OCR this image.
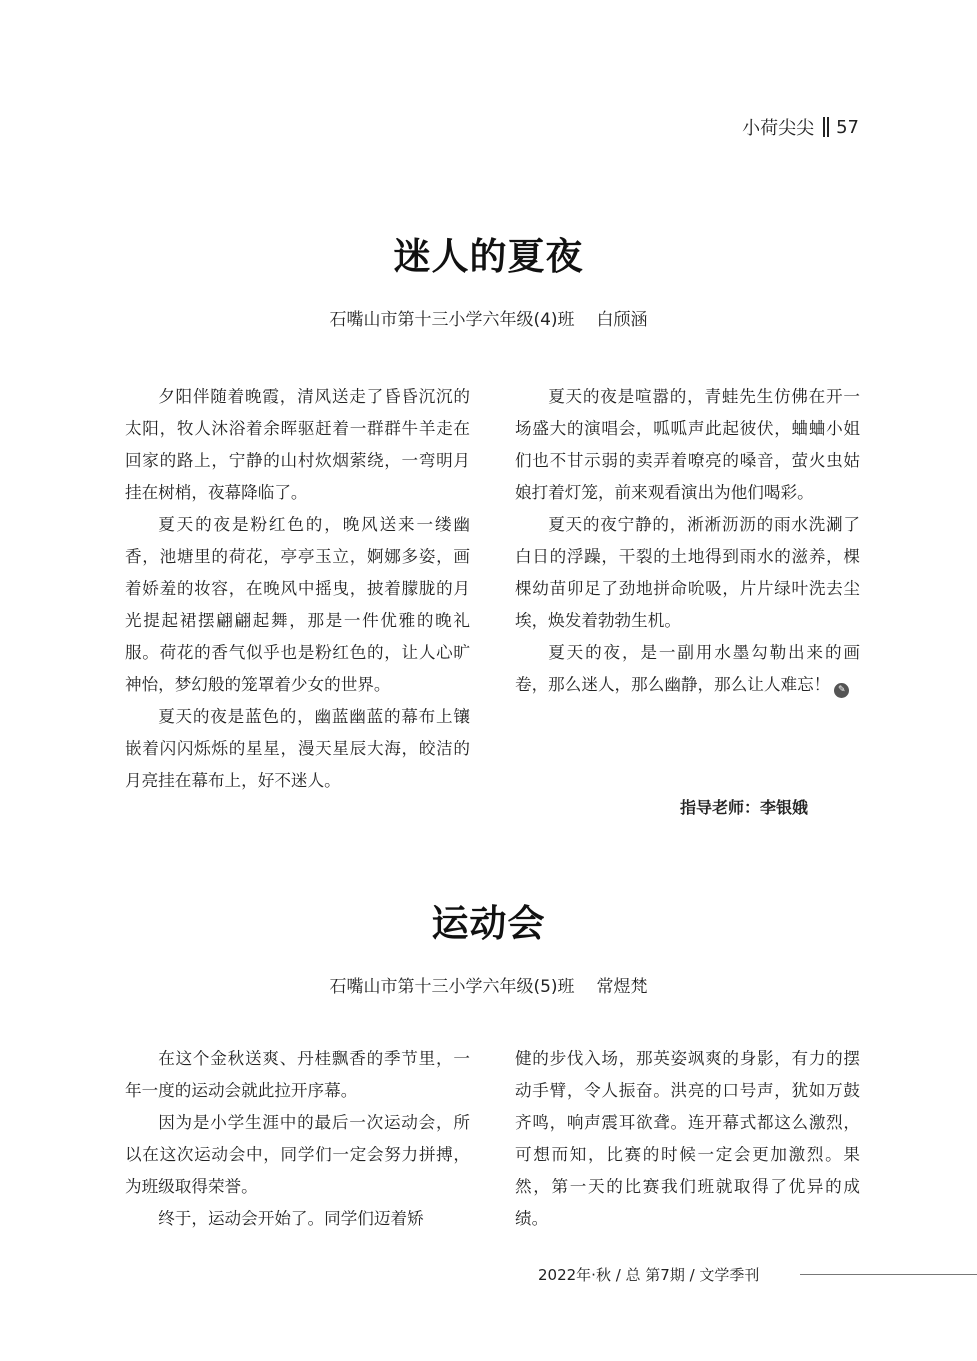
小荷尖尖 57
迷人的夏夜
石嘴山市第十三小学六年级(4)班 白颀涵

夕阳伴随着晚霞，清风送走了昏昏沉沉的太阳，牧人沐浴着余晖驱赶着一群群牛羊走在回家的路上，宁静的山村炊烟萦绕，一弯明月挂在树梢，夜幕降临了。

夏天的夜是粉红色的，晚风送来一缕幽香，池塘里的荷花，亭亭玉立，婀娜多姿，画着娇羞的妆容，在晚风中摇曳，披着朦胧的月光提起裙摆翩翩起舞，那是一件优雅的晚礼服。荷花的香气似乎也是粉红色的，让人心旷神怡，梦幻般的笼罩着少女的世界。

夏天的夜是蓝色的，幽蓝幽蓝的幕布上镶嵌着闪闪烁烁的星星，漫天星辰大海，皎洁的月亮挂在幕布上，好不迷人。

夏天的夜是喧嚣的，青蛙先生仿佛在开一场盛大的演唱会，呱呱声此起彼伏，蛐蛐小姐们也不甘示弱的卖弄着嘹亮的嗓音，萤火虫姑娘打着灯笼，前来观看演出为他们喝彩。

夏天的夜宁静的，淅淅沥沥的雨水洗涮了白日的浮躁，干裂的土地得到雨水的滋养，棵棵幼苗卯足了劲地拼命吮吸，片片绿叶洗去尘埃，焕发着勃勃生机。

夏天的夜，是一副用水墨勾勒出来的画卷，那么迷人，那么幽静，那么让人难忘！ ✎

指导老师：李银娥
运动会
石嘴山市第十三小学六年级(5)班 常煜梵

在这个金秋送爽、丹桂飘香的季节里，一年一度的运动会就此拉开序幕。

因为是小学生涯中的最后一次运动会，所以在这次运动会中，同学们一定会努力拼搏，为班级取得荣誉。

终于，运动会开始了。同学们迈着矫

健的步伐入场，那英姿飒爽的身影，有力的摆动手臂，令人振奋。洪亮的口号声，犹如万鼓齐鸣，响声震耳欲聋。连开幕式都这么激烈，可想而知，比赛的时候一定会更加激烈。果然，第一天的比赛我们班就取得了优异的成绩。

2022年·秋 / 总 第7期 / 文学季刊
